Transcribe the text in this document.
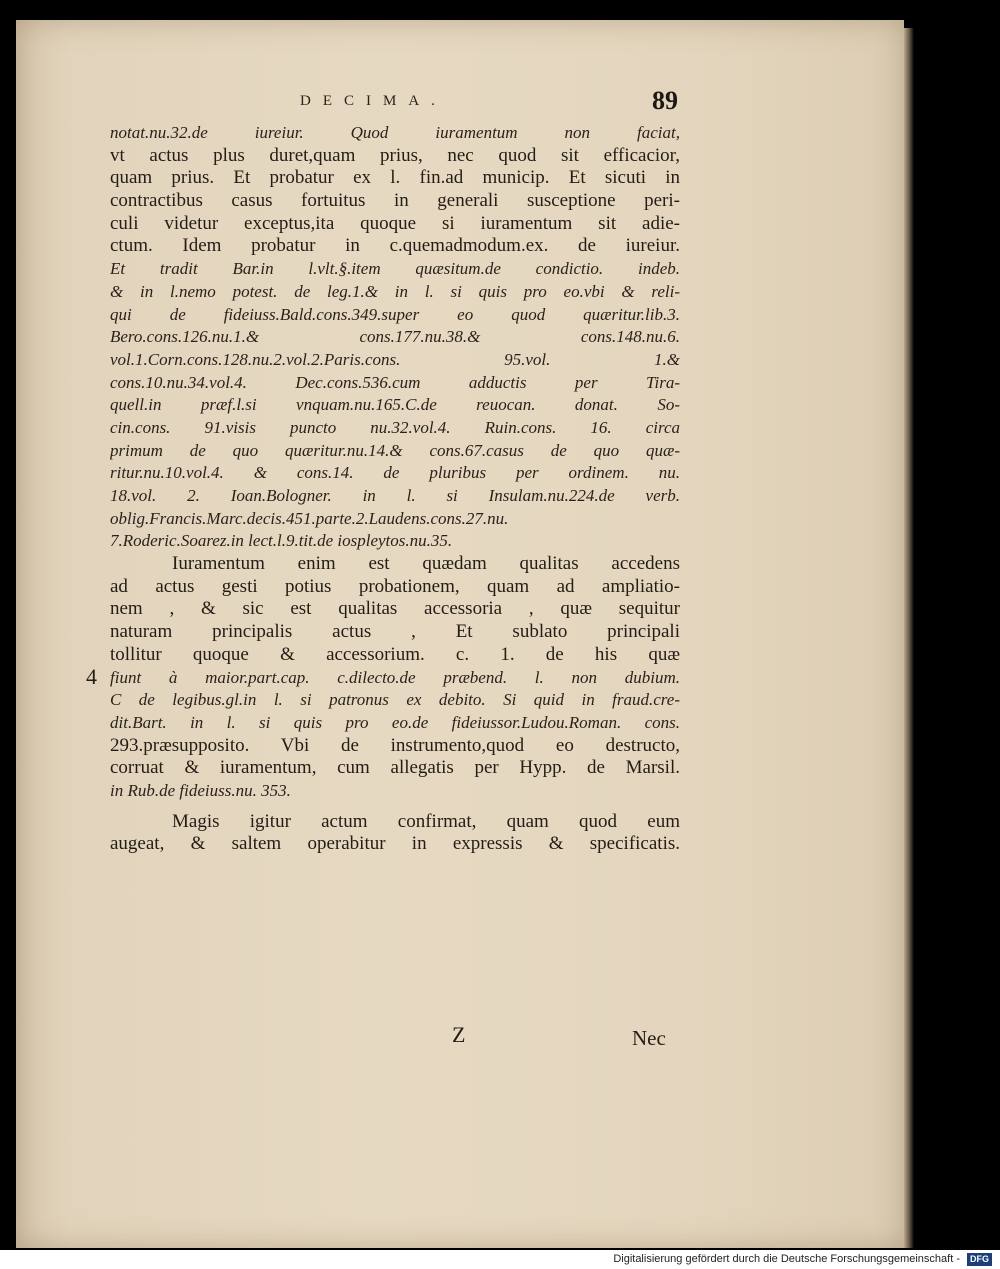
DECIMA.	89
notat.nu.32.de iureiur. Quod iuramentum non faciat,
vt actus plus duret,quam prius, nec quod sit efficacior,
quam prius. Et probatur ex l. fin.ad municip. Et sicuti in
contractibus casus fortuitus in generali susceptione peri-
culi videtur exceptus,ita quoque si iuramentum sit adie-
ctum. Idem probatur in c.quemadmodum.ex. de iureiur.
Et tradit Bar.in l.vlt.§.item quæsitum.de condictio. indeb.
& in l.nemo potest. de leg.1.& in l. si quis pro eo.vbi & reli-
qui de fideiuss.Bald.cons.349.super eo quod quæritur.lib.3.
Bero.cons.126.nu.1.& cons.177.nu.38.& cons.148.nu.6.
vol.1.Corn.cons.128.nu.2.vol.2.Paris.cons. 95.vol. 1.&
cons.10.nu.34.vol.4. Dec.cons.536.cum adductis per Tira-
quell.in præf.l.si vnquam.nu.165.C.de reuocan. donat. So-
cin.cons. 91.visis puncto nu.32.vol.4. Ruin.cons. 16. circa
primum de quo quæritur.nu.14.& cons.67.casus de quo quæ-
ritur.nu.10.vol.4. & cons.14. de pluribus per ordinem. nu.
18.vol. 2. Ioan.Bologner. in l. si Insulam.nu.224.de verb.
oblig.Francis.Marc.decis.451.parte.2.Laudens.cons.27.nu.
7.Roderic.Soarez.in lect.l.9.tit.de iospleytos.nu.35.
Iuramentum enim est quædam qualitas accedens
ad actus gesti potius probationem, quam ad ampliatio-
nem , & sic est qualitas accessoria , quæ sequitur
naturam principalis actus , Et sublato principali
tollitur quoque & accessorium. c. 1. de his quæ
fiunt à maior.part.cap. c.dilecto.de præbend. l. non dubium.
C de legibus.gl.in l. si patronus ex debito. Si quid in fraud.cre-
dit.Bart. in l. si quis pro eo.de fideiussor.Ludou.Roman. cons.
293.præsupposito. Vbi de instrumento,quod eo destructo,
corruat & iuramentum, cum allegatis per Hypp. de Marsil.
in Rub.de fideiuss.nu. 353.
Magis igitur actum confirmat, quam quod eum
augeat, & saltem operabitur in expressis & specificatis.
4
Z	Nec
Digitalisierung gefördert durch die Deutsche Forschungsgemeinschaft -	DFG
